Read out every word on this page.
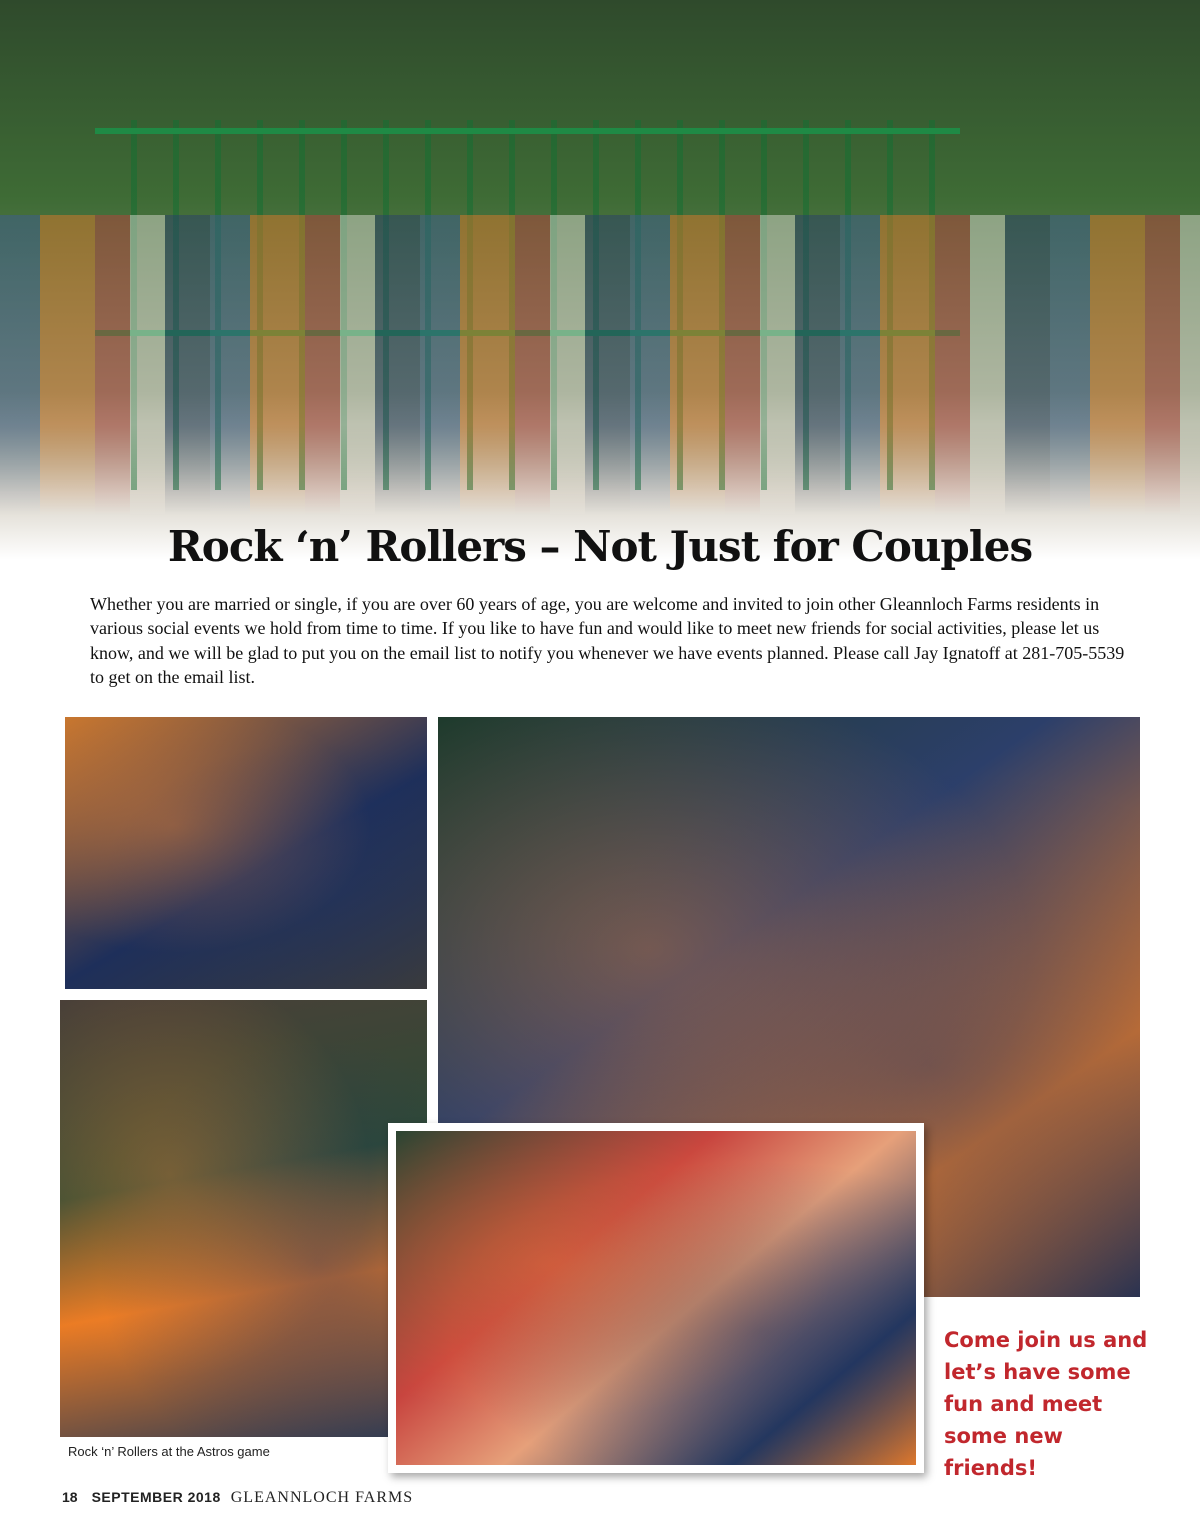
Rock ‘n’ Rollers – Not Just for Couples

Whether you are married or single, if you are over 60 years of age, you are welcome and invited to join other Gleannloch Farms residents in various social events we hold from time to time. If you like to have fun and would like to meet new friends for social activities, please let us know, and we will be glad to put you on the email list to notify you whenever we have events planned. Please call Jay Ignatoff at 281-705-5539 to get on the email list.

Rock ‘n’ Rollers at the Astros game
Come join us and let’s have some fun and meet some new friends!
18 SEPTEMBER 2018 GLEANNLOCH FARMS
